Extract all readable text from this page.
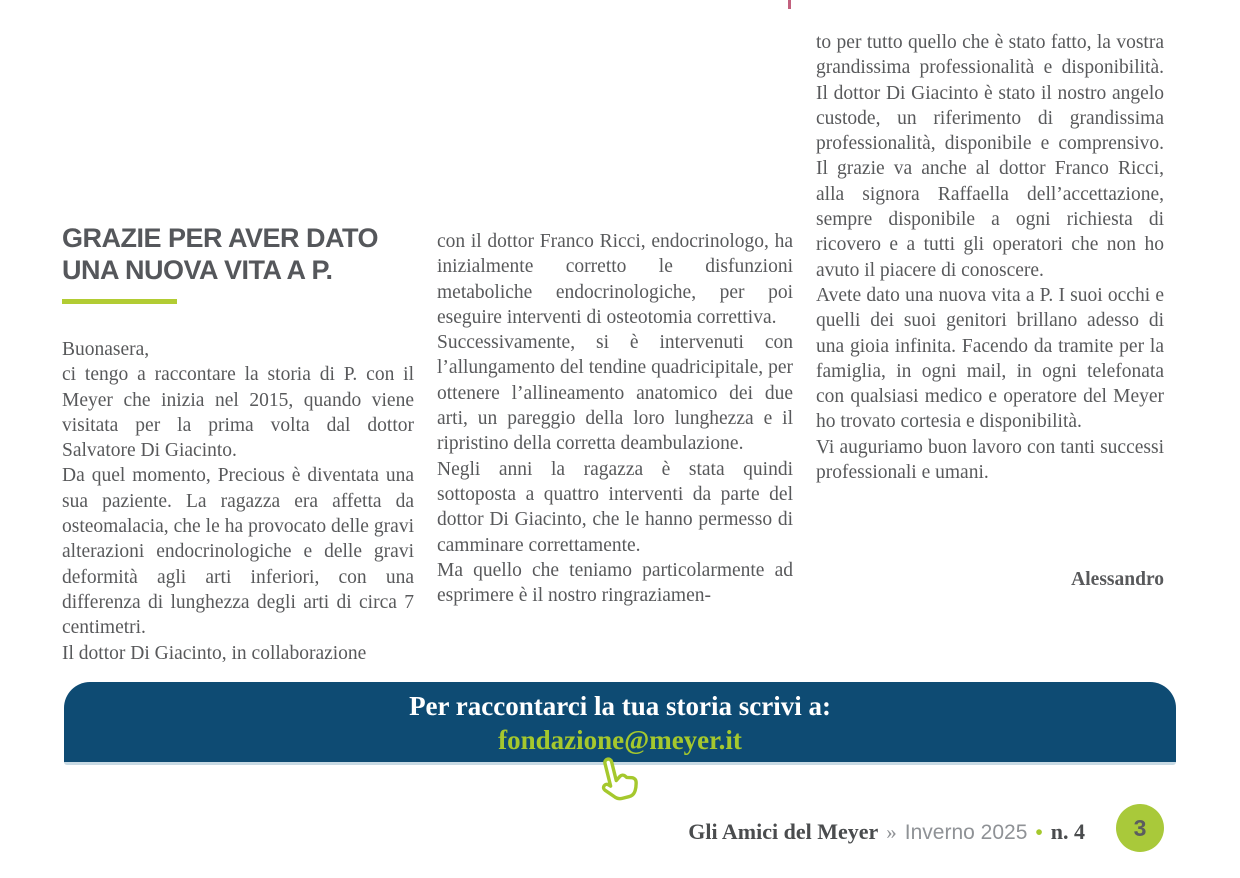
GRAZIE PER AVER DATO
UNA NUOVA VITA A P.

Buonasera,

ci tengo a raccontare la storia di P. con il Meyer che inizia nel 2015, quando viene visitata per la prima volta dal dottor Salvatore Di Giacinto.

Da quel momento, Precious è diventata una sua paziente. La ragazza era affetta da osteomalacia, che le ha provocato delle gravi alterazioni endocrinologiche e delle gravi deformità agli arti inferiori, con una differenza di lunghezza degli arti di circa 7 centimetri.

Il dottor Di Giacinto, in collaborazione

con il dottor Franco Ricci, endocrinologo, ha inizialmente corretto le disfunzioni metaboliche endocrinologiche, per poi eseguire interventi di osteotomia correttiva.

Successivamente, si è intervenuti con l’allungamento del tendine quadricipitale, per ottenere l’allineamento anatomico dei due arti, un pareggio della loro lunghezza e il ripristino della corretta deambulazione.

Negli anni la ragazza è stata quindi sottoposta a quattro interventi da parte del dottor Di Giacinto, che le hanno permesso di camminare correttamente.

Ma quello che teniamo particolarmente ad esprimere è il nostro ringraziamen-

to per tutto quello che è stato fatto, la vostra grandissima professionalità e disponibilità. Il dottor Di Giacinto è stato il nostro angelo custode, un riferimento di grandissima professionalità, disponibile e comprensivo. Il grazie va anche al dottor Franco Ricci, alla signora Raffaella dell’accettazione, sempre disponibile a ogni richiesta di ricovero e a tutti gli operatori che non ho avuto il piacere di conoscere.

Avete dato una nuova vita a P. I suoi occhi e quelli dei suoi genitori brillano adesso di una gioia infinita. Facendo da tramite per la famiglia, in ogni mail, in ogni telefonata con qualsiasi medico e operatore del Meyer ho trovato cortesia e disponibilità.

Vi auguriamo buon lavoro con tanti successi professionali e umani.

Alessandro
Per raccontarci la tua storia scrivi a:
fondazione@meyer.it
Gli Amici del Meyer » Inverno 2025 • n. 4 3
